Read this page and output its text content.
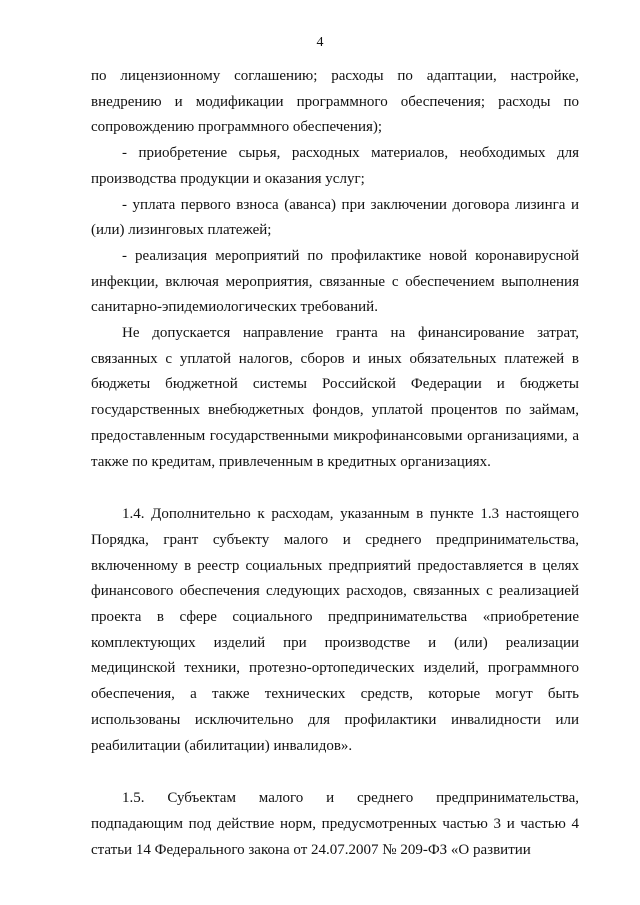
4

по лицензионному соглашению; расходы по адаптации, настройке, внедрению и модификации программного обеспечения; расходы по сопровождению программного обеспечения);

- приобретение сырья, расходных материалов, необходимых для производства продукции и оказания услуг;

- уплата первого взноса (аванса) при заключении договора лизинга и (или) лизинговых платежей;

- реализация мероприятий по профилактике новой коронавирусной инфекции, включая мероприятия, связанные с обеспечением выполнения санитарно-эпидемиологических требований.

Не допускается направление гранта на финансирование затрат, связанных с уплатой налогов, сборов и иных обязательных платежей в бюджеты бюджетной системы Российской Федерации и бюджеты государственных внебюджетных фондов, уплатой процентов по займам, предоставленным государственными микрофинансовыми организациями, а также по кредитам, привлеченным в кредитных организациях.

1.4. Дополнительно к расходам, указанным в пункте 1.3 настоящего Порядка, грант субъекту малого и среднего предпринимательства, включенному в реестр социальных предприятий предоставляется в целях финансового обеспечения следующих расходов, связанных с реализацией проекта в сфере социального предпринимательства «приобретение комплектующих изделий при производстве и (или) реализации медицинской техники, протезно-ортопедических изделий, программного обеспечения, а также технических средств, которые могут быть использованы исключительно для профилактики инвалидности или реабилитации (абилитации) инвалидов».

1.5. Субъектам малого и среднего предпринимательства, подпадающим под действие норм, предусмотренных частью 3 и частью 4 статьи 14 Федерального закона от 24.07.2007 № 209-ФЗ «О развитии
